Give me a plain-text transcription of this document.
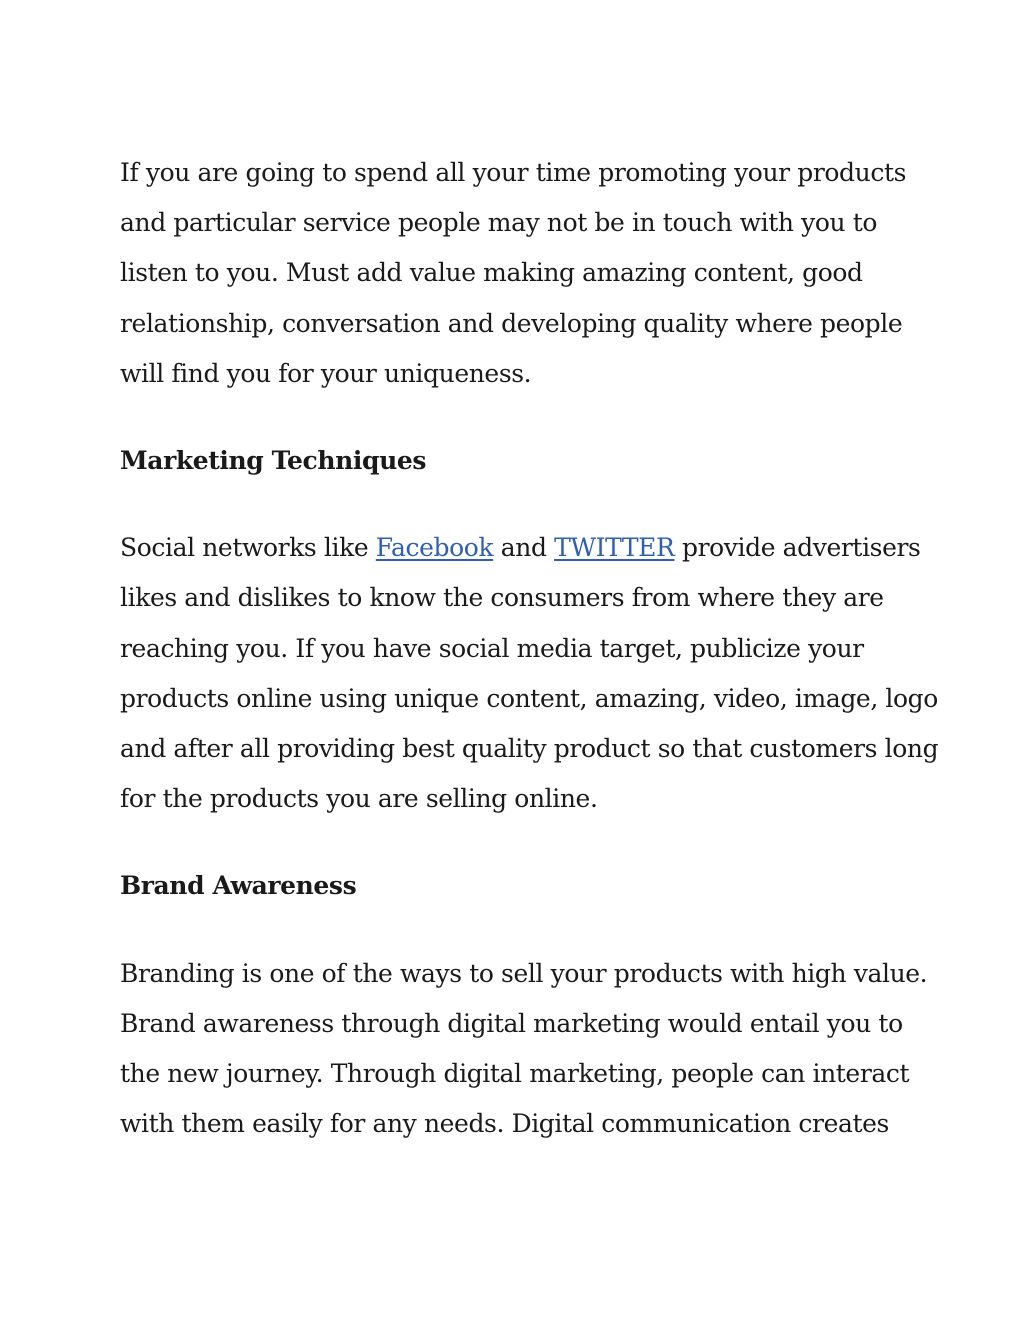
If you are going to spend all your time promoting your products
and particular service people may not be in touch with you to
listen to you. Must add value making amazing content, good
relationship, conversation and developing quality where people
will find you for your uniqueness.

Marketing Techniques

Social networks like Facebook and TWITTER provide advertisers
likes and dislikes to know the consumers from where they are
reaching you. If you have social media target, publicize your
products online using unique content, amazing, video, image, logo
and after all providing best quality product so that customers long
for the products you are selling online.

Brand Awareness

Branding is one of the ways to sell your products with high value.
Brand awareness through digital marketing would entail you to
the new journey. Through digital marketing, people can interact
with them easily for any needs. Digital communication creates
